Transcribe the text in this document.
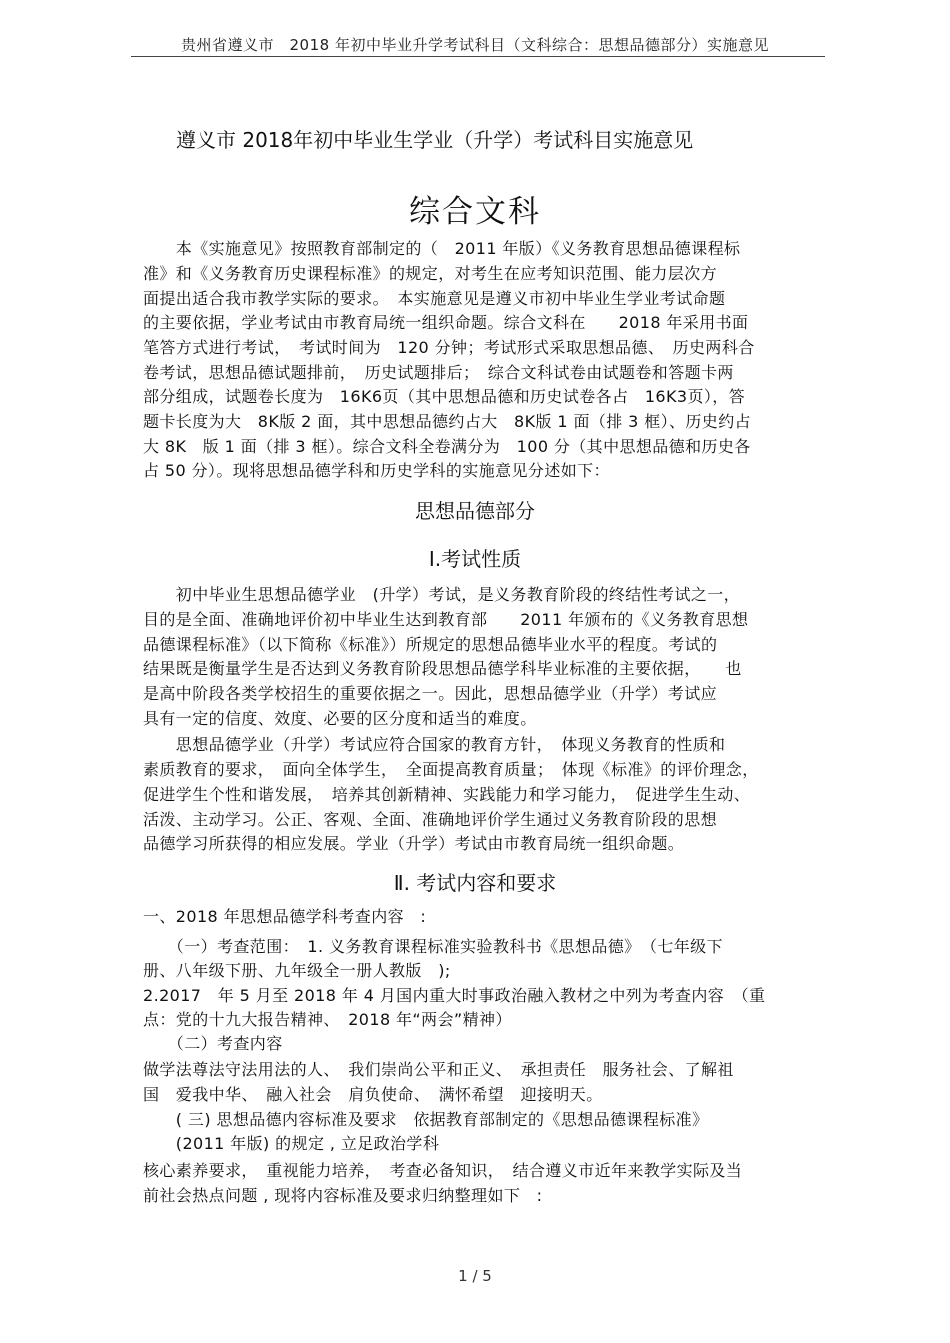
贵州省遵义市　2018 年初中毕业升学考试科目（文科综合：思想品德部分）实施意见
遵义市 2018年初中毕业生学业（升学）考试科目实施意见
综合文科
　　本《实施意见》按照教育部制定的（　2011 年版）《义务教育思想品德课程标
准》和《义务教育历史课程标准》的规定，对考生在应考知识范围、能力层次方
面提出适合我市教学实际的要求。　本实施意见是遵义市初中毕业生学业考试命题
的主要依据，学业考试由市教育局统一组织命题。综合文科在　　2018 年采用书面
笔答方式进行考试，　考试时间为　120 分钟；考试形式采取思想品德、　历史两科合
卷考试，思想品德试题排前，　历史试题排后；　综合文科试卷由试题卷和答题卡两
部分组成，试题卷长度为　16K6页（其中思想品德和历史试卷各占　16K3页），答
题卡长度为大　8K版 2 面，其中思想品德约占大　8K版 1 面（排 3 框）、历史约占
大 8K　版 1 面（排 3 框）。综合文科全卷满分为　100 分（其中思想品德和历史各
占 50 分）。现将思想品德学科和历史学科的实施意见分述如下：
思想品德部分
Ⅰ.考试性质
　　初中毕业生思想品德学业　(升学）考试，是义务教育阶段的终结性考试之一，
目的是全面、准确地评价初中毕业生达到教育部　　2011 年颁布的《义务教育思想
品德课程标准》（以下简称《标准》）所规定的思想品德毕业水平的程度。考试的
结果既是衡量学生是否达到义务教育阶段思想品德学科毕业标准的主要依据，　　也
是高中阶段各类学校招生的重要依据之一。因此，思想品德学业（升学）考试应
具有一定的信度、效度、必要的区分度和适当的难度。
　　思想品德学业（升学）考试应符合国家的教育方针，　体现义务教育的性质和
素质教育的要求，　面向全体学生，　全面提高教育质量；　体现《标准》的评价理念，
促进学生个性和谐发展，　培养其创新精神、实践能力和学习能力，　促进学生生动、
活泼、主动学习。公正、客观、全面、准确地评价学生通过义务教育阶段的思想
品德学习所获得的相应发展。学业（升学）考试由市教育局统一组织命题。
Ⅱ. 考试内容和要求
一、2018 年思想品德学科考查内容　:
　　（一）考查范围：　1. 义务教育课程标准实验教科书《思想品德》　（七年级下
册、八年级下册、九年级全一册人教版　);
2.2017　年 5 月至 2018 年 4 月国内重大时事政治融入教材之中列为考查内容　（重
点：党的十九大报告精神、　2018 年“两会”精神）
　　（二）考查内容
做学法尊法守法用法的人、　我们崇尚公平和正义、　承担责任　服务社会、了解祖
国　爱我中华、　融入社会　肩负使命、　满怀希望　迎接明天。
　　( 三) 思想品德内容标准及要求　依据教育部制定的《思想品德课程标准》
　　(2011 年版) 的规定 , 立足政治学科
核心素养要求，　重视能力培养，　考查必备知识，　结合遵义市近年来教学实际及当
前社会热点问题 , 现将内容标准及要求归纳整理如下　:
1 / 5
